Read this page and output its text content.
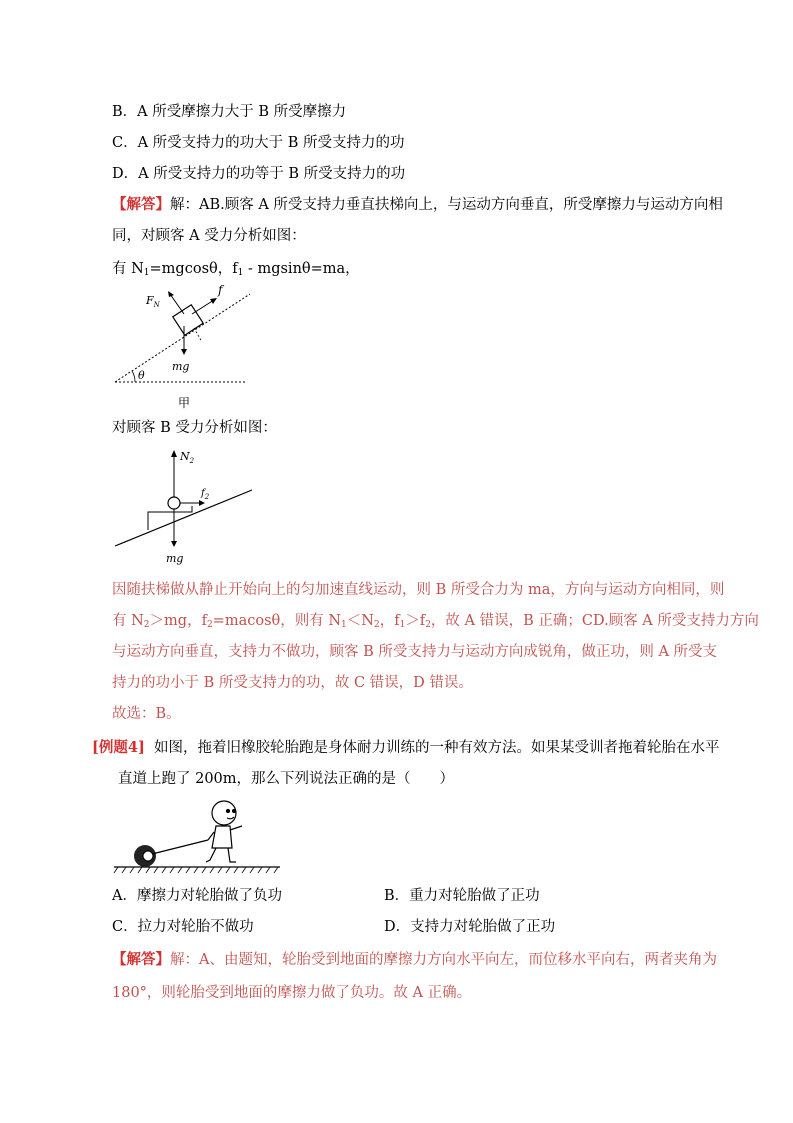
B．A 所受摩擦力大于 B 所受摩擦力
C．A 所受支持力的功大于 B 所受支持力的功
D．A 所受支持力的功等于 B 所受支持力的功
【解答】解：AB.顾客 A 所受支持力垂直扶梯向上，与运动方向垂直，所受摩擦力与运动方向相
同，对顾客 A 受力分析如图：
有 $N_1=mgcos\theta$，$f_1 - mgsin\theta=ma$，
θ
$F_N$
f
mg
甲
对顾客 B 受力分析如图：
$N_2$
$f_2$
mg
因随扶梯做从静止开始向上的匀加速直线运动，则 B 所受合力为 ma，方向与运动方向相同，则
有 $N_2>mg$，$f_2=macos\theta$，则有 $N_1<N_2$，$f_1>f_2$，故 A 错误，B 正确；CD.顾客 A 所受支持力方向
与运动方向垂直，支持力不做功，顾客 B 所受支持力与运动方向成锐角，做正功，则 A 所受支
持力的功小于 B 所受支持力的功，故 C 错误，D 错误。
故选：B。
[例题4] 如图，拖着旧橡胶轮胎跑是身体耐力训练的一种有效方法。如果某受训者拖着轮胎在水平
直道上跑了 200m，那么下列说法正确的是（　　）
A．摩擦力对轮胎做了负功	B．重力对轮胎做了正功
C．拉力对轮胎不做功	D．支持力对轮胎做了正功
【解答】解：A、由题知，轮胎受到地面的摩擦力方向水平向左，而位移水平向右，两者夹角为
180°，则轮胎受到地面的摩擦力做了负功。故 A 正确。
